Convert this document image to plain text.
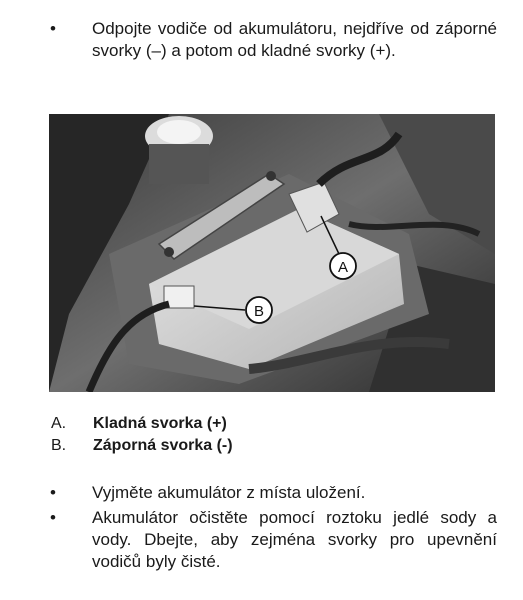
•	Odpojte vodiče od akumulátoru, nejdříve od záporné svorky (–) a potom od kladné svorky (+).
A
B
A.	Kladná svorka (+)
B.	Záporná svorka (-)
•	Vyjměte akumulátor z místa uložení.
•	Akumulátor očistěte pomocí roztoku jedlé sody a vody. Dbejte, aby zejména svorky pro upevnění vodičů byly čisté.
